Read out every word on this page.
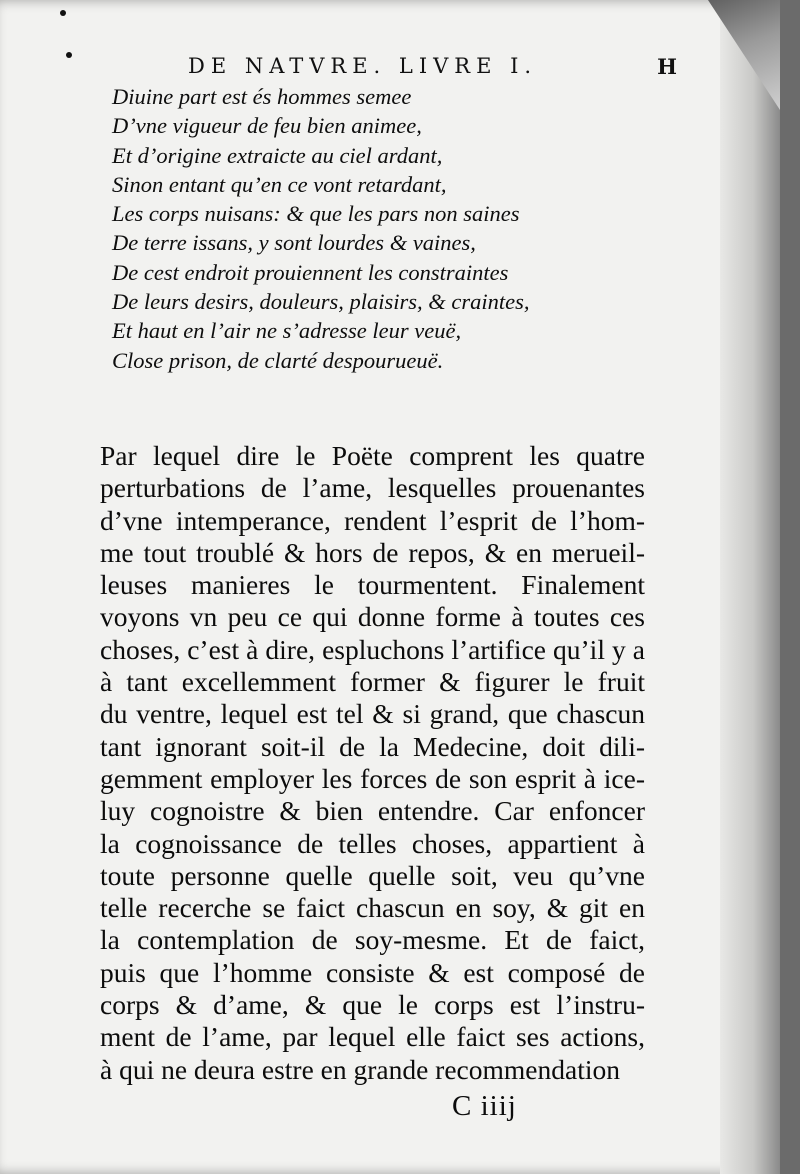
DE NATVRE. LIVRE I.	H
Diuine part est és hommes semee
D’vne vigueur de feu bien animee,
Et d’origine extraicte au ciel ardant,
Sinon entant qu’en ce vont retardant,
Les corps nuisans: & que les pars non saines
De terre issans, y sont lourdes & vaines,
De cest endroit prouiennent les constraintes
De leurs desirs, douleurs, plaisirs, & craintes,
Et haut en l’air ne s’adresse leur veuë,
Close prison, de clarté despourueuë.
Par lequel dire le Poëte comprent les quatre
perturbations de l’ame, lesquelles prouenantes
d’vne intemperance, rendent l’esprit de l’hom-
me tout troublé & hors de repos, & en merueil-
leuses manieres le tourmentent. Finalement
voyons vn peu ce qui donne forme à toutes ces
choses, c’est à dire, espluchons l’artifice qu’il y a
à tant excellemment former & figurer le fruit
du ventre, lequel est tel & si grand, que chascun
tant ignorant soit-il de la Medecine, doit dili-
gemment employer les forces de son esprit à ice-
luy cognoistre & bien entendre. Car enfoncer
la cognoissance de telles choses, appartient à
toute personne quelle quelle soit, veu qu’vne
telle recerche se faict chascun en soy, & git en
la contemplation de soy-mesme. Et de faict,
puis que l’homme consiste & est composé de
corps & d’ame, & que le corps est l’instru-
ment de l’ame, par lequel elle faict ses actions,
à qui ne deura estre en grande recommendation
C iiij
